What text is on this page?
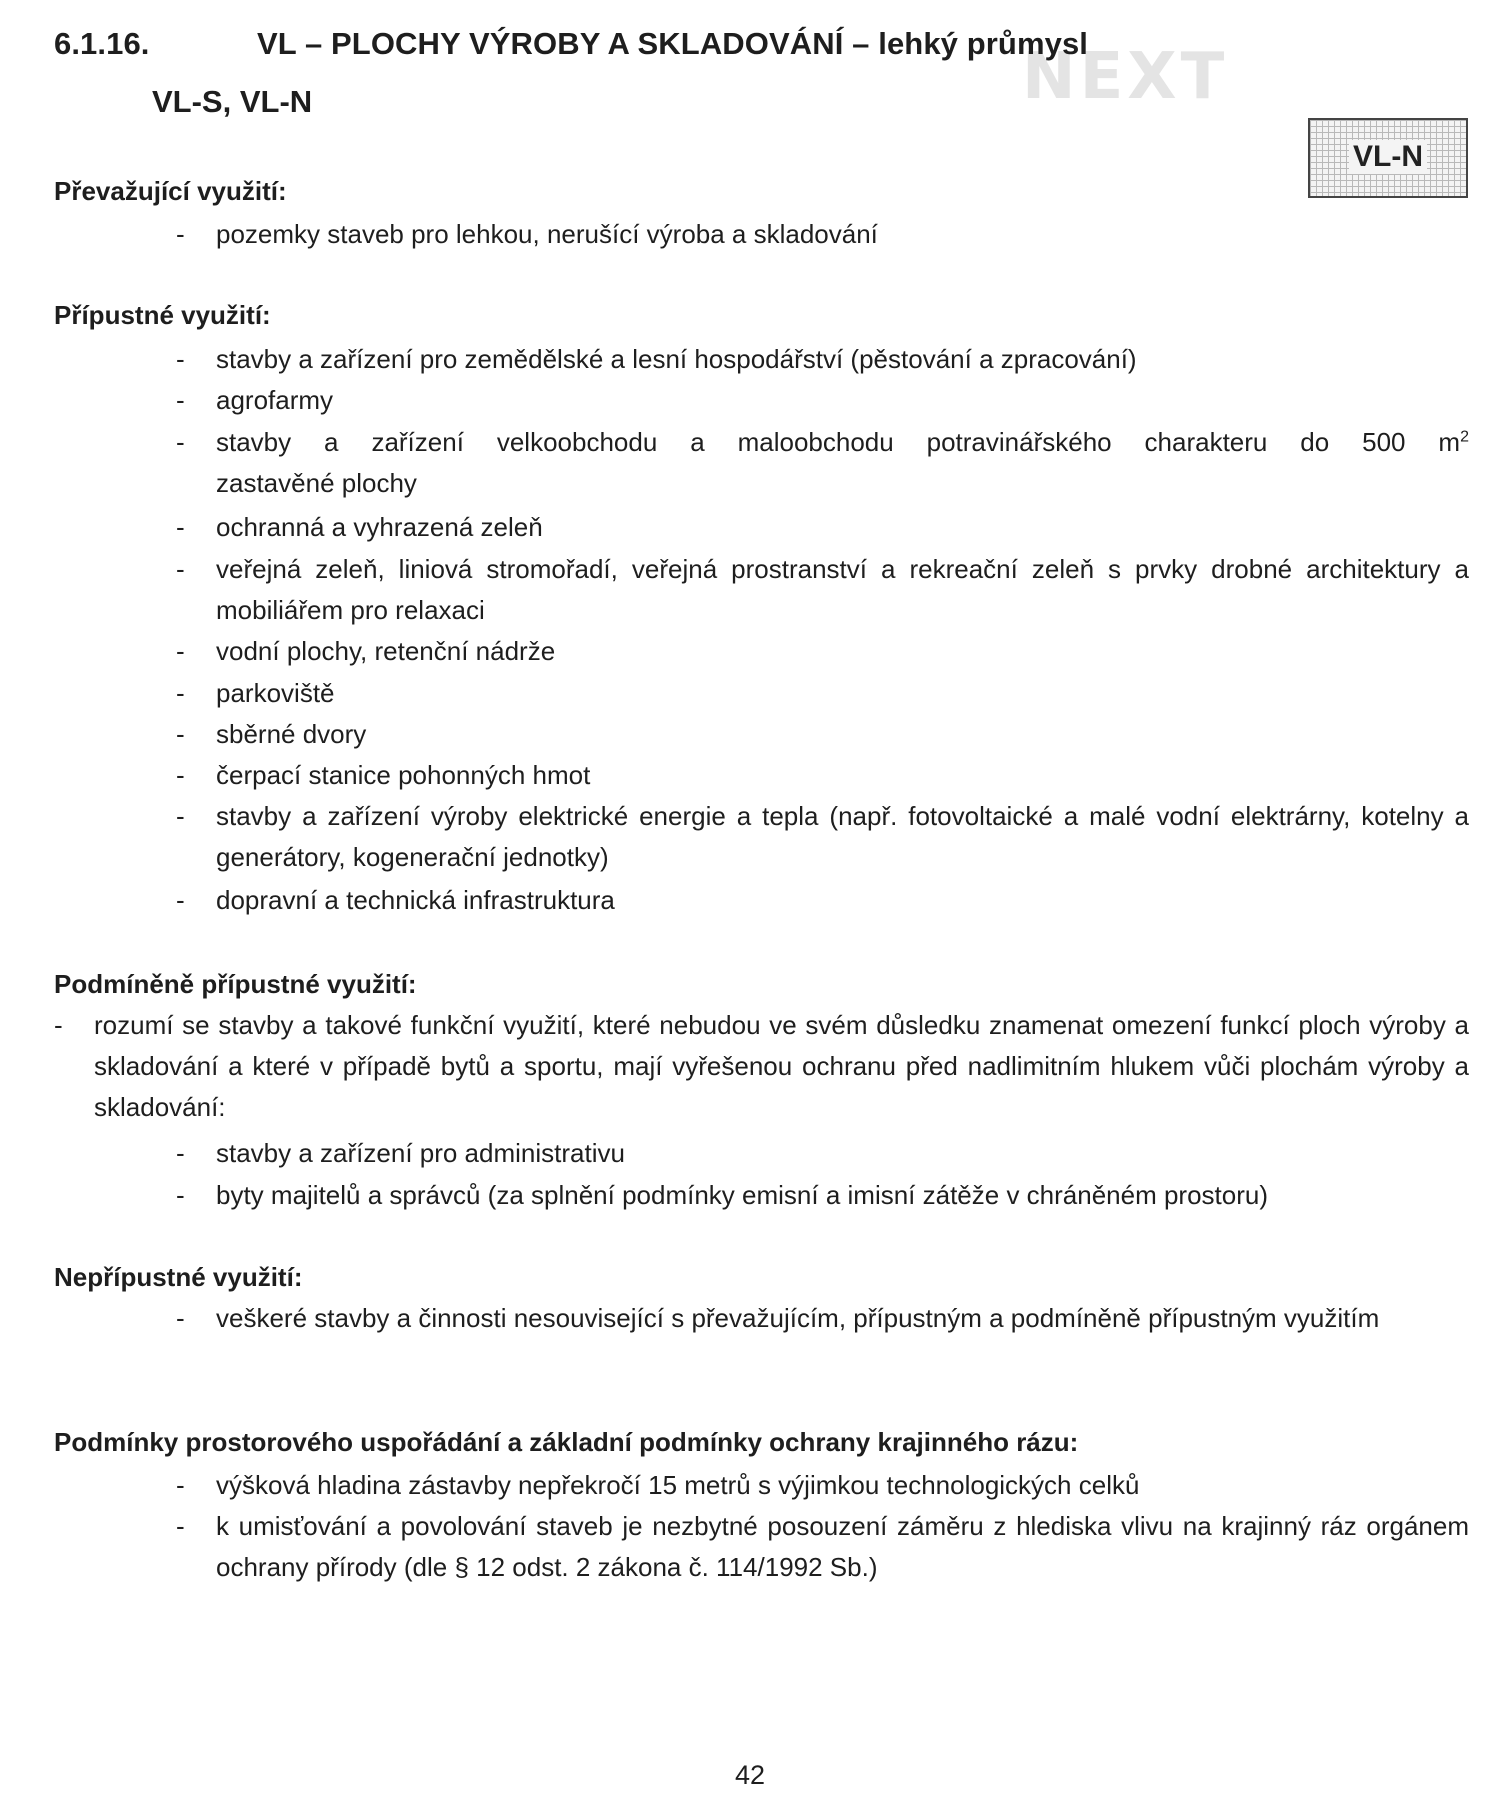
NEXT
6.1.16.	VL – PLOCHY VÝROBY A SKLADOVÁNÍ – lehký průmysl
VL-S, VL-N
VL-N
Převažující využití:
-	pozemky staveb pro lehkou, nerušící výroba a skladování
Přípustné využití:
-	stavby a zařízení pro zemědělské a lesní hospodářství (pěstování a zpracování)
-	agrofarmy
-	stavby a zařízení velkoobchodu a maloobchodu potravinářského charakteru do 500 $m^2$
zastavěné plochy
-	ochranná a vyhrazená zeleň
-	veřejná zeleň, liniová stromořadí, veřejná prostranství a rekreační zeleň s prvky drobné architektury a mobiliářem pro relaxaci
-	vodní plochy, retenční nádrže
-	parkoviště
-	sběrné dvory
-	čerpací stanice pohonných hmot
-	stavby a zařízení výroby elektrické energie a tepla (např. fotovoltaické a malé vodní elektrárny, kotelny a generátory, kogenerační jednotky)
-	dopravní a technická infrastruktura
Podmíněně přípustné využití:
-	rozumí se stavby a takové funkční využití, které nebudou ve svém důsledku znamenat omezení funkcí ploch výroby a skladování a které v případě bytů a sportu, mají vyřešenou ochranu před nadlimitním hlukem vůči plochám výroby a skladování:
-	stavby a zařízení pro administrativu
-	byty majitelů a správců (za splnění podmínky emisní a imisní zátěže v chráněném prostoru)
Nepřípustné využití:
-	veškeré stavby a činnosti nesouvisející s převažujícím, přípustným a podmíněně přípustným využitím
Podmínky prostorového uspořádání a základní podmínky ochrany krajinného rázu:
-	výšková hladina zástavby nepřekročí 15 metrů s výjimkou technologických celků
-	k umisťování a povolování staveb je nezbytné posouzení záměru z hlediska vlivu na krajinný ráz orgánem ochrany přírody (dle § 12 odst. 2 zákona č. 114/1992 Sb.)
42
